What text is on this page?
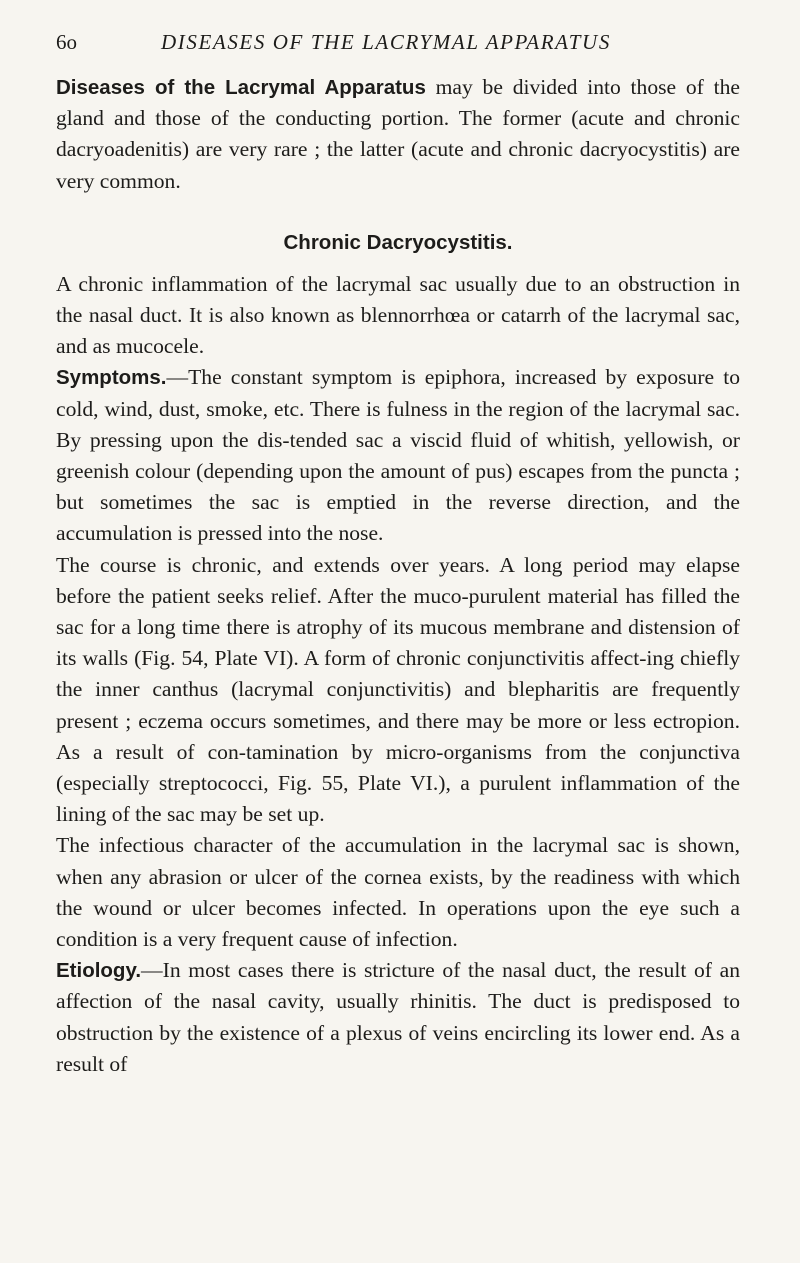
6o	DISEASES OF THE LACRYMAL APPARATUS

Diseases of the Lacrymal Apparatus may be divided into those of the gland and those of the conducting portion. The former (acute and chronic dacryoadenitis) are very rare ; the latter (acute and chronic dacryocystitis) are very common.

Chronic Dacryocystitis.

A chronic inflammation of the lacrymal sac usually due to an obstruction in the nasal duct. It is also known as blennorrhœa or catarrh of the lacrymal sac, and as mucocele.

Symptoms.—The constant symptom is epiphora, increased by exposure to cold, wind, dust, smoke, etc. There is fulness in the region of the lacrymal sac. By pressing upon the dis-tended sac a viscid fluid of whitish, yellowish, or greenish colour (depending upon the amount of pus) escapes from the puncta ; but sometimes the sac is emptied in the reverse direction, and the accumulation is pressed into the nose.

The course is chronic, and extends over years. A long period may elapse before the patient seeks relief. After the muco-purulent material has filled the sac for a long time there is atrophy of its mucous membrane and distension of its walls (Fig. 54, Plate VI). A form of chronic conjunctivitis affect-ing chiefly the inner canthus (lacrymal conjunctivitis) and blepharitis are frequently present ; eczema occurs sometimes, and there may be more or less ectropion. As a result of con-tamination by micro-organisms from the conjunctiva (especially streptococci, Fig. 55, Plate VI.), a purulent inflammation of the lining of the sac may be set up.

The infectious character of the accumulation in the lacrymal sac is shown, when any abrasion or ulcer of the cornea exists, by the readiness with which the wound or ulcer becomes infected. In operations upon the eye such a condition is a very frequent cause of infection.

Etiology.—In most cases there is stricture of the nasal duct, the result of an affection of the nasal cavity, usually rhinitis. The duct is predisposed to obstruction by the existence of a plexus of veins encircling its lower end. As a result of
